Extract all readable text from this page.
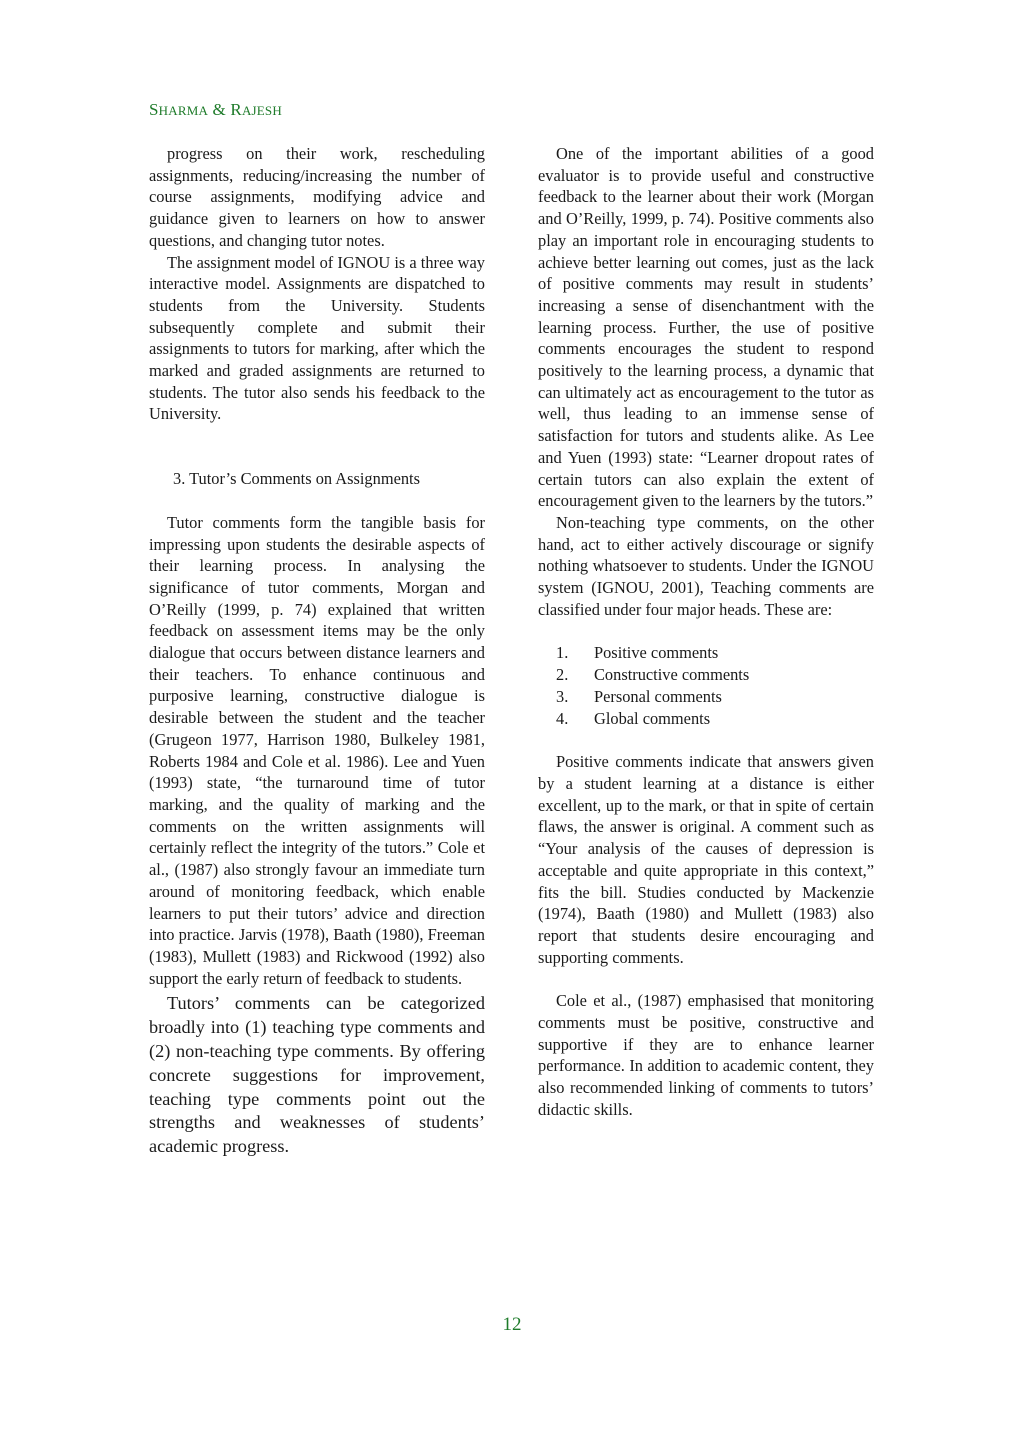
SHARMA & RAJESH

progress on their work, rescheduling assignments, reducing/increasing the number of course assignments, modifying advice and guidance given to learners on how to answer questions, and changing tutor notes.

The assignment model of IGNOU is a three way interactive model. Assignments are dispatched to students from the University. Students subsequently complete and submit their assignments to tutors for marking, after which the marked and graded assignments are returned to students. The tutor also sends his feedback to the University.

3. Tutor’s Comments on Assignments

Tutor comments form the tangible basis for impressing upon students the desirable aspects of their learning process. In analysing the significance of tutor comments, Morgan and O’Reilly (1999, p. 74) explained that written feedback on assessment items may be the only dialogue that occurs between distance learners and their teachers. To enhance continuous and purposive learning, constructive dialogue is desirable between the student and the teacher (Grugeon 1977, Harrison 1980, Bulkeley 1981, Roberts 1984 and Cole et al. 1986). Lee and Yuen (1993) state, “the turnaround time of tutor marking, and the quality of marking and the comments on the written assignments will certainly reflect the integrity of the tutors.” Cole et al., (1987) also strongly favour an immediate turn around of monitoring feedback, which enable learners to put their tutors’ advice and direction into practice. Jarvis (1978), Baath (1980), Freeman (1983), Mullett (1983) and Rickwood (1992) also support the early return of feedback to students.

Tutors’ comments can be categorized broadly into (1) teaching type comments and (2) non-teaching type comments. By offering concrete suggestions for improvement, teaching type comments point out the strengths and weaknesses of students’ academic progress.

One of the important abilities of a good evaluator is to provide useful and constructive feedback to the learner about their work (Morgan and O’Reilly, 1999, p. 74). Positive comments also play an important role in encouraging students to achieve better learning out comes, just as the lack of positive comments may result in students’ increasing a sense of disenchantment with the learning process. Further, the use of positive comments encourages the student to respond positively to the learning process, a dynamic that can ultimately act as encouragement to the tutor as well, thus leading to an immense sense of satisfaction for tutors and students alike. As Lee and Yuen (1993) state: “Learner dropout rates of certain tutors can also explain the extent of encouragement given to the learners by the tutors.”

Non-teaching type comments, on the other hand, act to either actively discourage or signify nothing whatsoever to students. Under the IGNOU system (IGNOU, 2001), Teaching comments are classified under four major heads. These are:

1.	Positive comments
2.	Constructive comments
3.	Personal comments
4.	Global comments

Positive comments indicate that answers given by a student learning at a distance is either excellent, up to the mark, or that in spite of certain flaws, the answer is original. A comment such as “Your analysis of the causes of depression is acceptable and quite appropriate in this context,” fits the bill. Studies conducted by Mackenzie (1974), Baath (1980) and Mullett (1983) also report that students desire encouraging and supporting comments.

Cole et al., (1987) emphasised that monitoring comments must be positive, constructive and supportive if they are to enhance learner performance. In addition to academic content, they also recommended linking of comments to tutors’ didactic skills.

12
